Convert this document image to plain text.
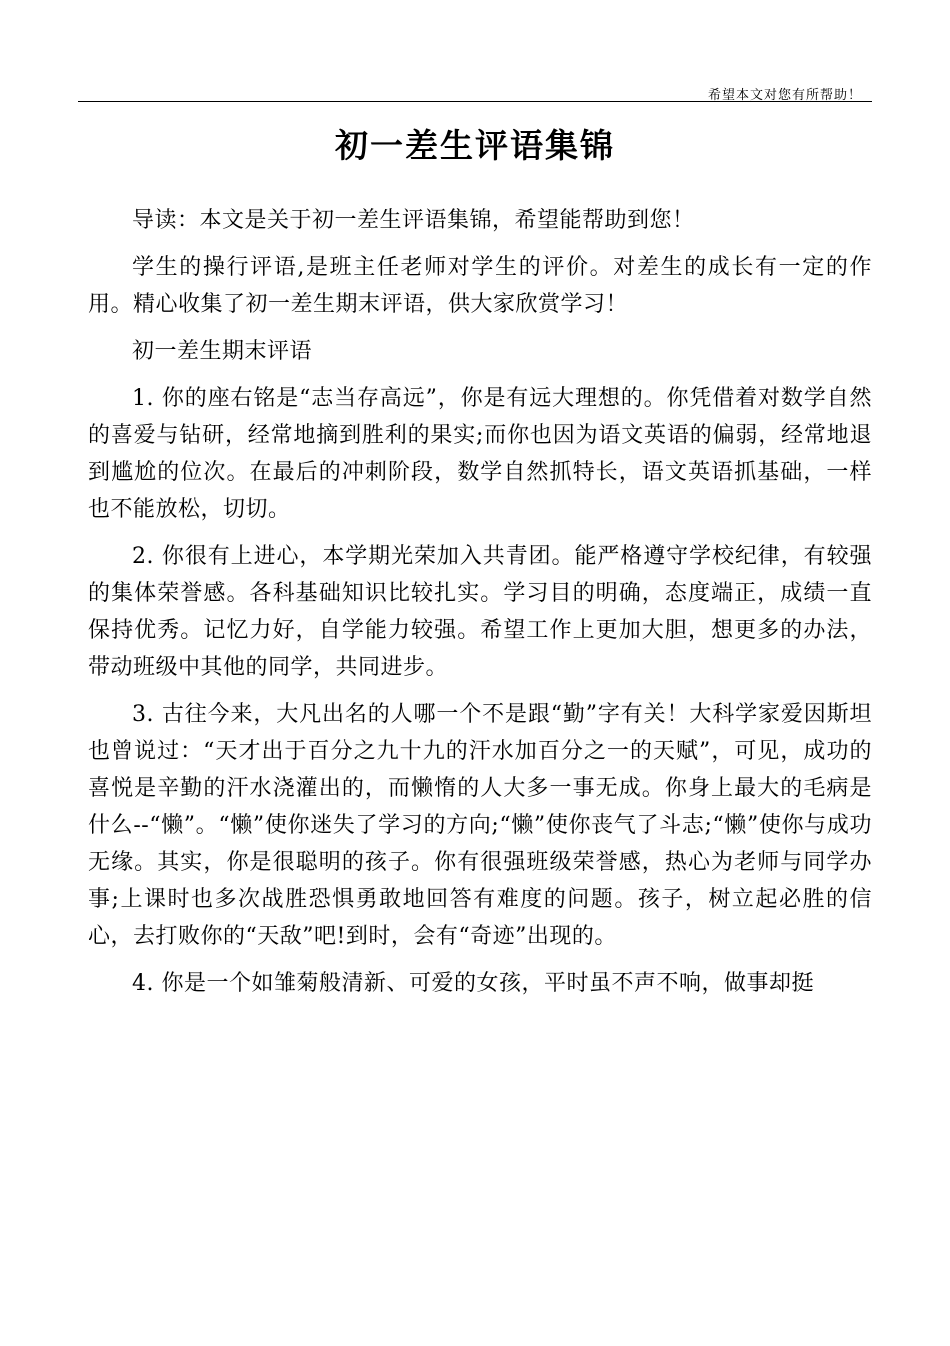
希望本文对您有所帮助！
初一差生评语集锦

导读：本文是关于初一差生评语集锦，希望能帮助到您！

学生的操行评语,是班主任老师对学生的评价。对差生的成长有一定的作用。精心收集了初一差生期末评语，供大家欣赏学习！

初一差生期末评语

1. 你的座右铭是“志当存高远”，你是有远大理想的。你凭借着对数学自然的喜爱与钻研，经常地摘到胜利的果实;而你也因为语文英语的偏弱，经常地退到尴尬的位次。在最后的冲刺阶段，数学自然抓特长，语文英语抓基础，一样也不能放松，切切。

2. 你很有上进心，本学期光荣加入共青团。能严格遵守学校纪律，有较强的集体荣誉感。各科基础知识比较扎实。学习目的明确，态度端正，成绩一直保持优秀。记忆力好，自学能力较强。希望工作上更加大胆，想更多的办法，带动班级中其他的同学，共同进步。

3. 古往今来，大凡出名的人哪一个不是跟“勤”字有关！大科学家爱因斯坦也曾说过：“天才出于百分之九十九的汗水加百分之一的天赋”，可见，成功的喜悦是辛勤的汗水浇灌出的，而懒惰的人大多一事无成。你身上最大的毛病是什么--“懒”。“懒”使你迷失了学习的方向;“懒”使你丧气了斗志;“懒”使你与成功无缘。其实，你是很聪明的孩子。你有很强班级荣誉感，热心为老师与同学办事;上课时也多次战胜恐惧勇敢地回答有难度的问题。孩子，树立起必胜的信心，去打败你的“天敌”吧!到时，会有“奇迹”出现的。

4. 你是一个如雏菊般清新、可爱的女孩，平时虽不声不响，做事却挺
